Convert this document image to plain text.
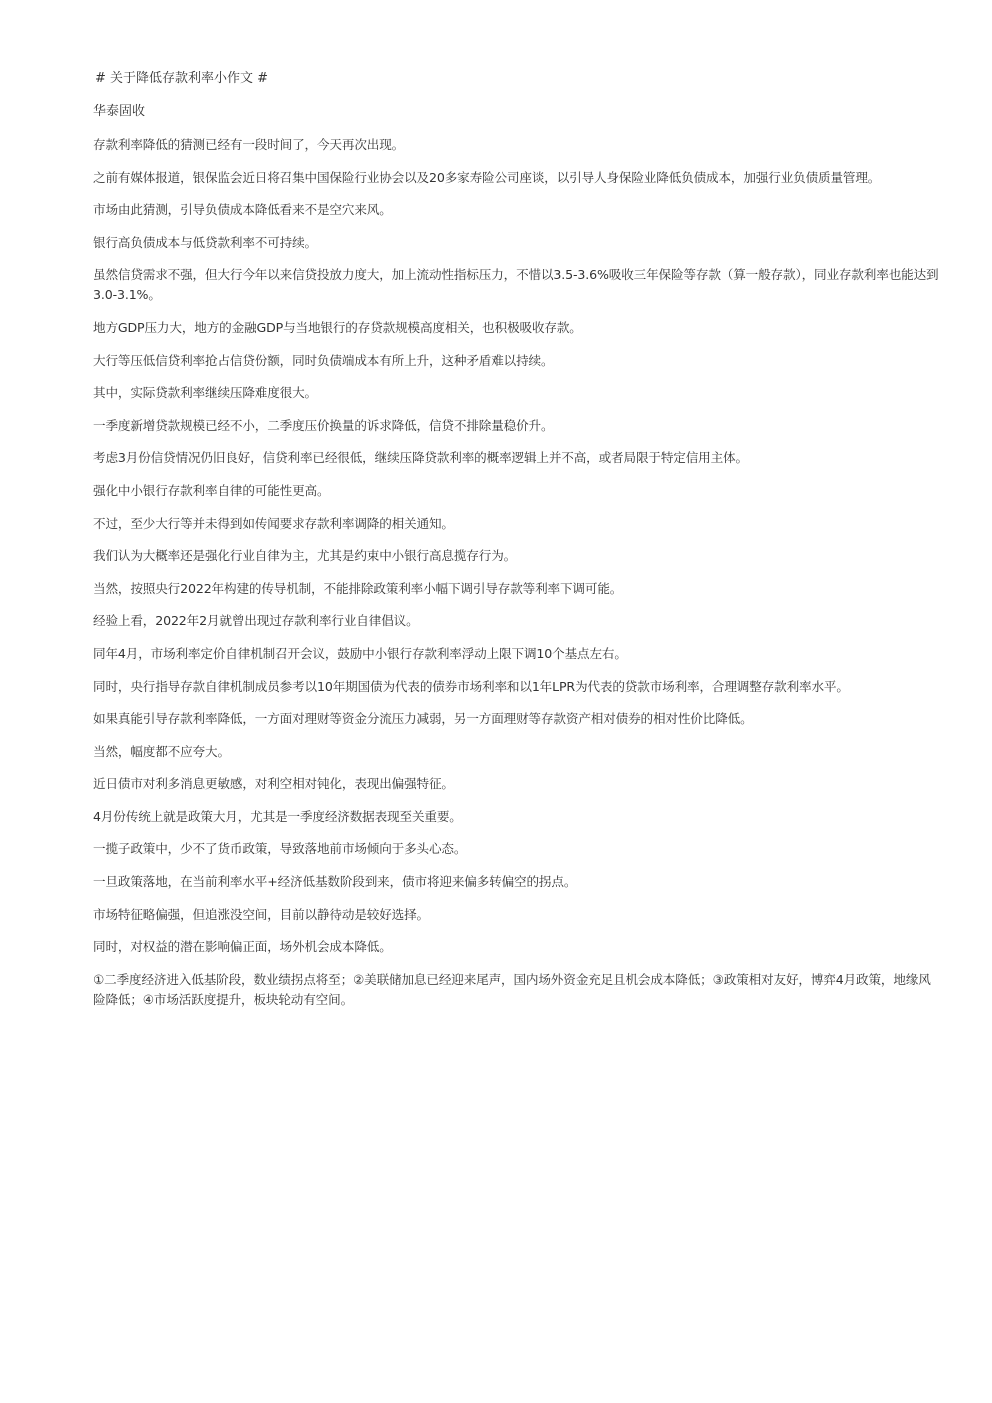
# 关于降低存款利率小作文 #
华泰固收

存款利率降低的猜测已经有一段时间了，今天再次出现。

之前有媒体报道，银保监会近日将召集中国保险行业协会以及20多家寿险公司座谈，以引导人身保险业降低负债成本，加强行业负债质量管理。

市场由此猜测，引导负债成本降低看来不是空穴来风。

银行高负债成本与低贷款利率不可持续。

虽然信贷需求不强，但大行今年以来信贷投放力度大，加上流动性指标压力，不惜以3.5-3.6%吸收三年保险等存款（算一般存款），同业存款利率也能达到3.0-3.1%。

地方GDP压力大，地方的金融GDP与当地银行的存贷款规模高度相关，也积极吸收存款。

大行等压低信贷利率抢占信贷份额，同时负债端成本有所上升，这种矛盾难以持续。

其中，实际贷款利率继续压降难度很大。

一季度新增贷款规模已经不小，二季度压价换量的诉求降低，信贷不排除量稳价升。

考虑3月份信贷情况仍旧良好，信贷利率已经很低，继续压降贷款利率的概率逻辑上并不高，或者局限于特定信用主体。

强化中小银行存款利率自律的可能性更高。

不过，至少大行等并未得到如传闻要求存款利率调降的相关通知。

我们认为大概率还是强化行业自律为主，尤其是约束中小银行高息揽存行为。

当然，按照央行2022年构建的传导机制，不能排除政策利率小幅下调引导存款等利率下调可能。

经验上看，2022年2月就曾出现过存款利率行业自律倡议。

同年4月，市场利率定价自律机制召开会议，鼓励中小银行存款利率浮动上限下调10个基点左右。

同时，央行指导存款自律机制成员参考以10年期国债为代表的债券市场利率和以1年LPR为代表的贷款市场利率，合理调整存款利率水平。

如果真能引导存款利率降低，一方面对理财等资金分流压力减弱，另一方面理财等存款资产相对债券的相对性价比降低。

当然，幅度都不应夸大。

近日债市对利多消息更敏感，对利空相对钝化，表现出偏强特征。

4月份传统上就是政策大月，尤其是一季度经济数据表现至关重要。

一揽子政策中，少不了货币政策，导致落地前市场倾向于多头心态。

一旦政策落地，在当前利率水平+经济低基数阶段到来，债市将迎来偏多转偏空的拐点。

市场特征略偏强，但追涨没空间，目前以静待动是较好选择。

同时，对权益的潜在影响偏正面，场外机会成本降低。

①二季度经济进入低基阶段，数业绩拐点将至；②美联储加息已经迎来尾声，国内场外资金充足且机会成本降低；③政策相对友好，博弈4月政策，地缘风险降低；④市场活跃度提升，板块轮动有空间。
